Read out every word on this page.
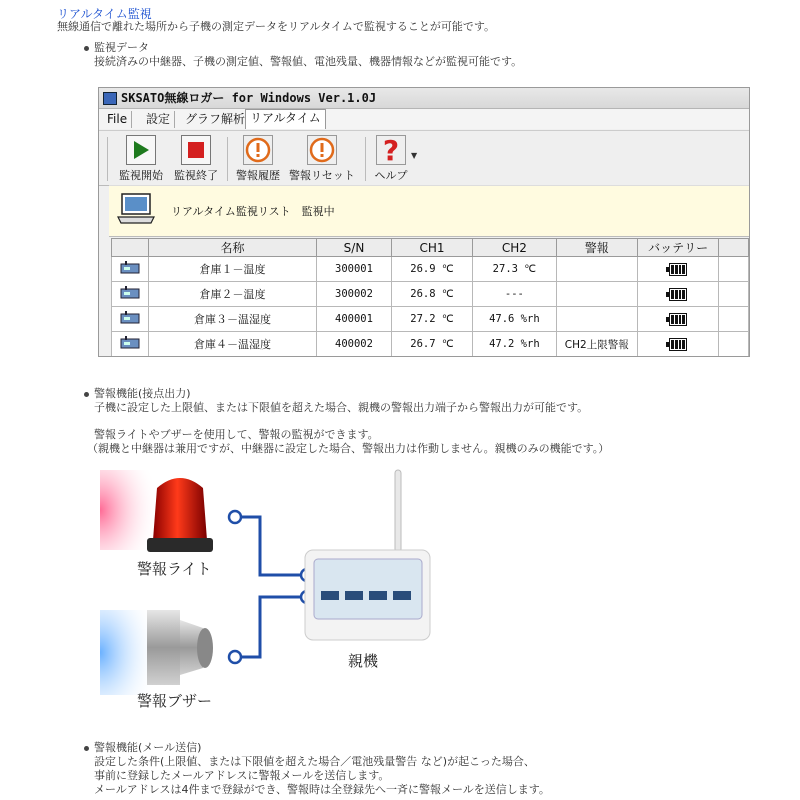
リアルタイム監視
無線通信で離れた場所から子機の測定データをリアルタイムで監視することが可能です。
監視データ
接続済みの中継器、子機の測定値、警報値、電池残量、機器情報などが監視可能です。
SKSATO無線ロガー for Windows Ver.1.0J
File	設定	グラフ解析 リアルタイム
監視開始	監視終了 警報履歴 警報リセット
?
ヘルプ
▼
リアルタイム監視リスト　監視中
	名称	S/N	CH1	CH2	警報	バッテリー	
	倉庫１－温度	300001	26.9 ℃	27.3 ℃		

	倉庫２－温度	300002	26.8 ℃	---		

	倉庫３－温湿度	400001	27.2 ℃	47.6 %rh		

	倉庫４－温湿度	400002	26.7 ℃	47.2 %rh	CH2上限警報	

警報機能(接点出力)
子機に設定した上限値、または下限値を超えた場合、親機の警報出力端子から警報出力が可能です。
警報ライトやブザーを使用して、警報の監視ができます。
（親機と中継器は兼用ですが、中継器に設定した場合、警報出力は作動しません。親機のみの機能です。）
警報ライト
警報ブザー
親機
警報機能(メール送信)
設定した条件(上限値、または下限値を超えた場合／電池残量警告 など)が起こった場合、
事前に登録したメールアドレスに警報メールを送信します。
メールアドレスは4件まで登録ができ、警報時は全登録先へ一斉に警報メールを送信します。
